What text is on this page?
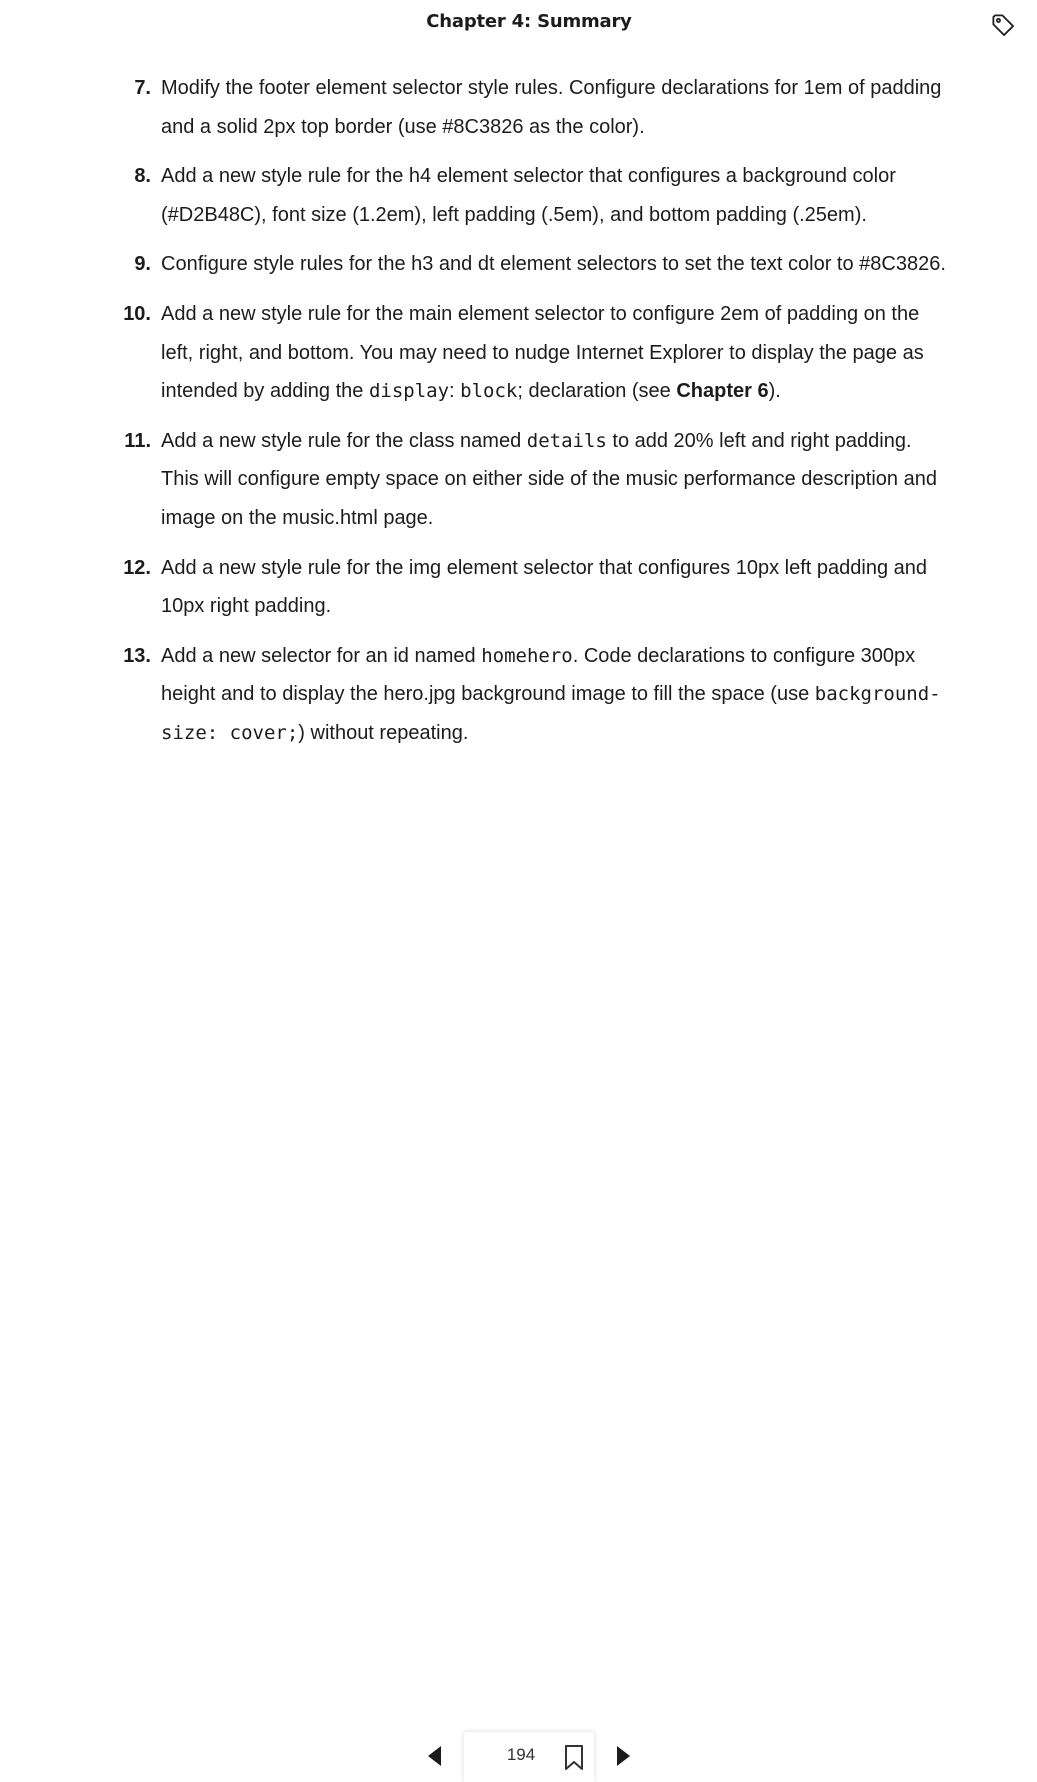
Chapter 4: Summary
7. Modify the footer element selector style rules. Configure declarations for 1em of padding and a solid 2px top border (use #8C3826 as the color).
8. Add a new style rule for the h4 element selector that configures a background color (#D2B48C), font size (1.2em), left padding (.5em), and bottom padding (.25em).
9. Configure style rules for the h3 and dt element selectors to set the text color to #8C3826.
10. Add a new style rule for the main element selector to configure 2em of padding on the left, right, and bottom. You may need to nudge Internet Explorer to display the page as intended by adding the display: block; declaration (see Chapter 6).
11. Add a new style rule for the class named details to add 20% left and right padding. This will configure empty space on either side of the music performance description and image on the music.html page.
12. Add a new style rule for the img element selector that configures 10px left padding and 10px right padding.
13. Add a new selector for an id named homehero. Code declarations to configure 300px height and to display the hero.jpg background image to fill the space (use background-size: cover;) without repeating.
194
